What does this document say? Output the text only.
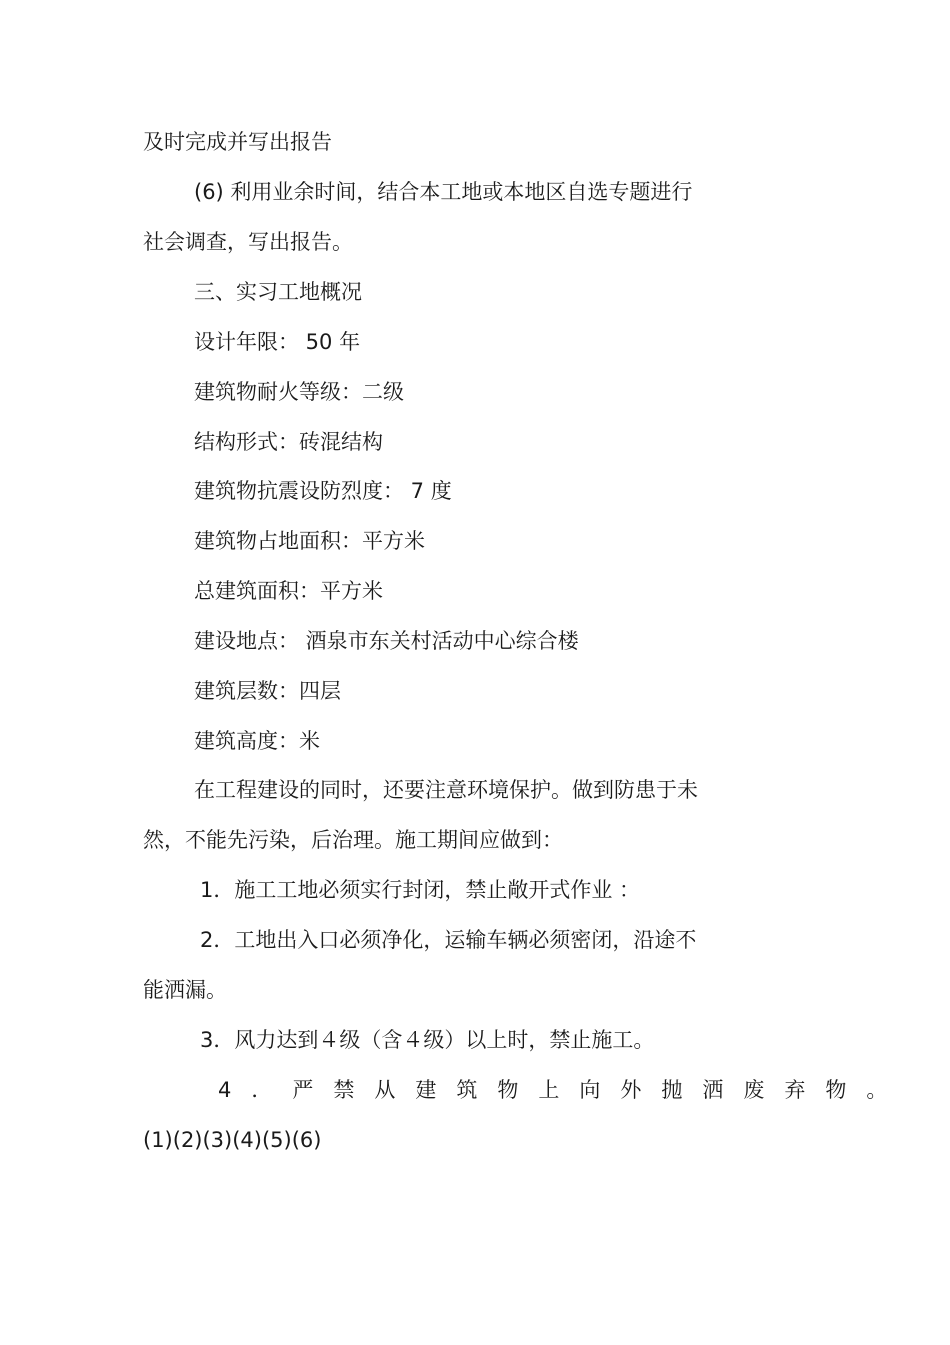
及时完成并写出报告
(6) 利用业余时间，结合本工地或本地区自选专题进行
社会调查，写出报告。
三、实习工地概况
设计年限： 50 年
建筑物耐火等级：二级
结构形式：砖混结构
建筑物抗震设防烈度： 7 度
建筑物占地面积：平方米
总建筑面积：平方米
建设地点： 酒泉市东关村活动中心综合楼
建筑层数：四层
建筑高度：米
在工程建设的同时，还要注意环境保护。做到防患于未
然，不能先污染，后治理。施工期间应做到：
1．施工工地必须实行封闭，禁止敞开式作业 ：
2．工地出入口必须净化，运输车辆必须密闭，沿途不
能洒漏。
3．风力达到４级（含４级）以上时，禁止施工。
4．严禁从建筑物上向外抛洒废弃物。
(1)(2)(3)(4)(5)(6)
